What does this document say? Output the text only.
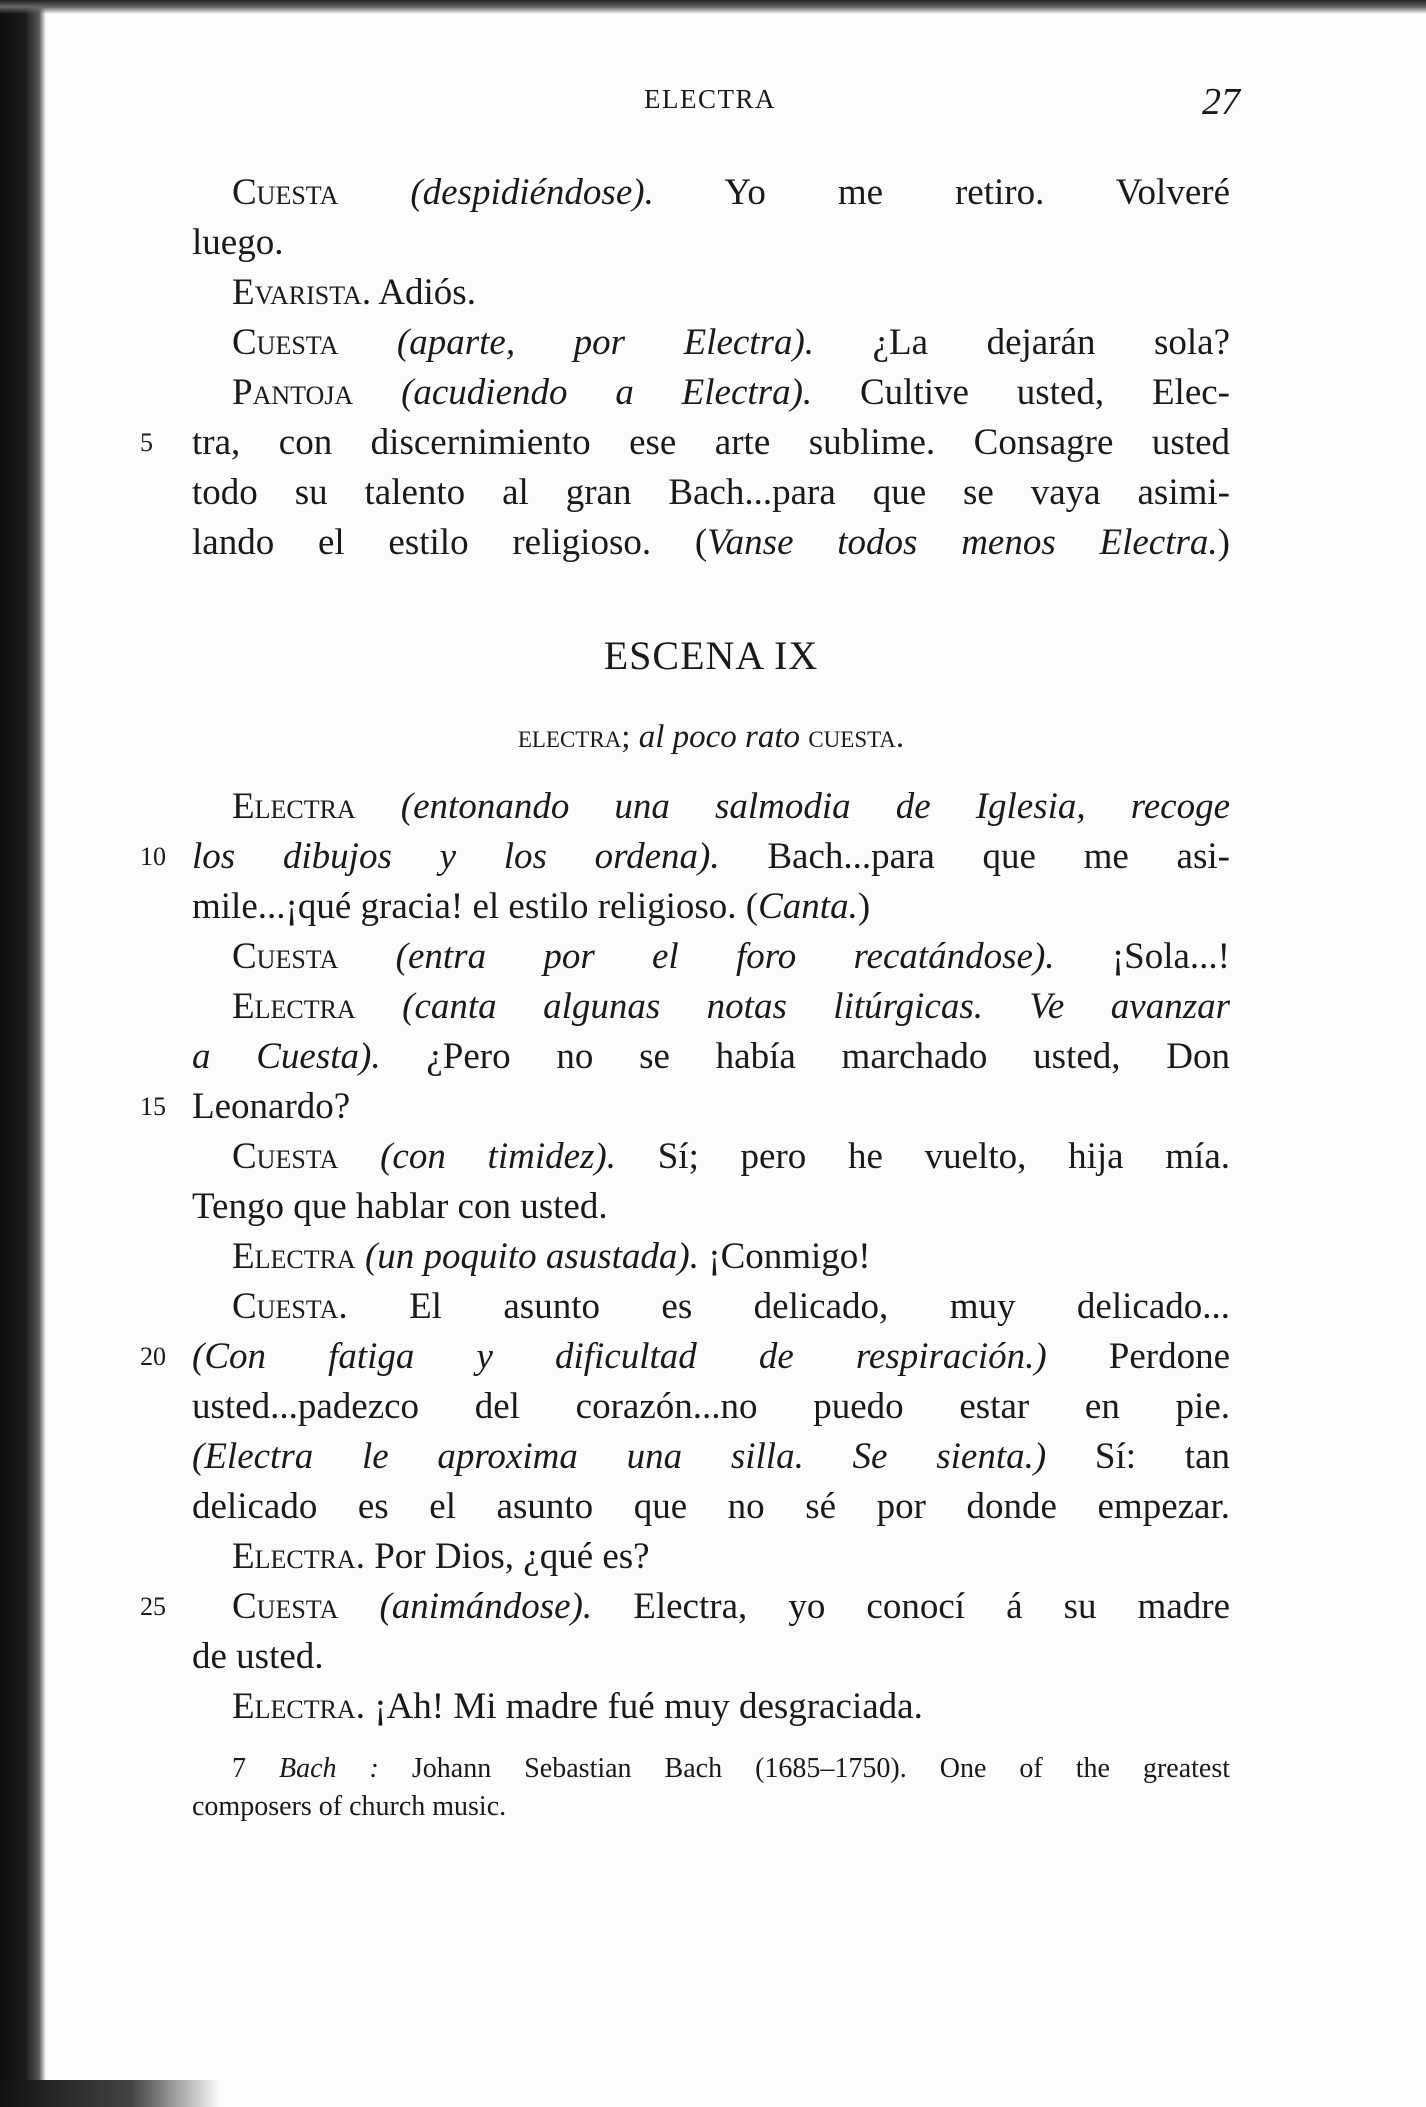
ELECTRA	27
Cuesta (despidiéndose). Yo me retiro. Volveré
luego.
Evarista. Adiós.
Cuesta (aparte, por Electra). ¿La dejarán sola?
Pantoja (acudiendo a Electra). Cultive usted, Elec-
5	tra, con discernimiento ese arte sublime. Consagre usted
todo su talento al gran Bach...para que se vaya asimi-
lando el estilo religioso. (Vanse todos menos Electra.)
ESCENA IX
electra; al poco rato cuesta.
Electra (entonando una salmodia de Iglesia, recoge
10 los dibujos y los ordena). Bach...para que me asi-
mile...¡qué gracia! el estilo religioso. (Canta.)
Cuesta (entra por el foro recatándose). ¡Sola...!
Electra (canta algunas notas litúrgicas. Ve avanzar
a Cuesta). ¿Pero no se había marchado usted, Don
15 Leonardo?
Cuesta (con timidez). Sí; pero he vuelto, hija mía.
Tengo que hablar con usted.
Electra (un poquito asustada). ¡Conmigo!
Cuesta. El asunto es delicado, muy delicado...
20 (Con fatiga y dificultad de respiración.) Perdone
usted...padezco del corazón...no puedo estar en pie.
(Electra le aproxima una silla. Se sienta.) Sí: tan
delicado es el asunto que no sé por donde empezar.
Electra. Por Dios, ¿qué es?
25	Cuesta (animándose). Electra, yo conocí á su madre
de usted.
Electra. ¡Ah! Mi madre fué muy desgraciada.
7 Bach : Johann Sebastian Bach (1685–1750). One of the greatest
composers of church music.
